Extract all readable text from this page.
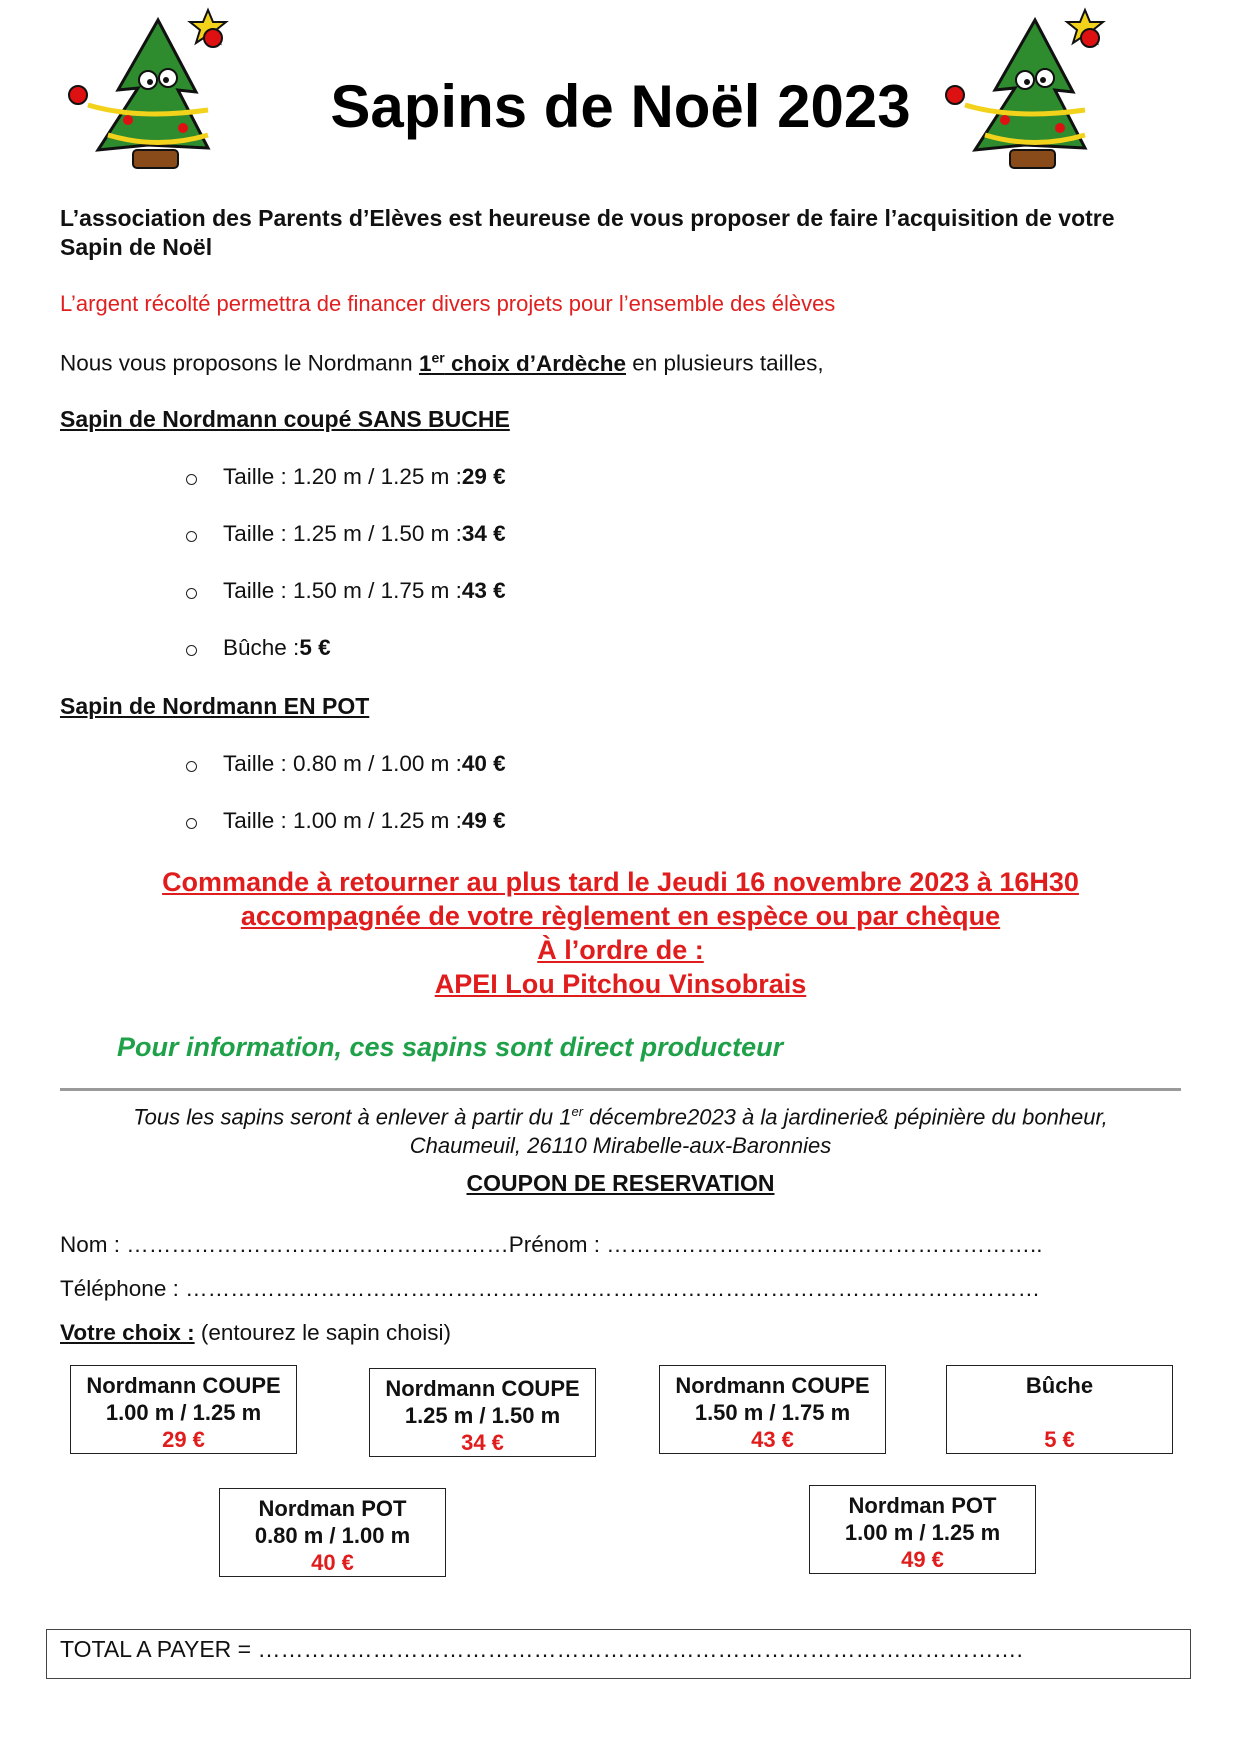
Sapins de Noël 2023
L’association des Parents d’Elèves est heureuse de vous proposer de faire l’acquisition de votre Sapin de Noël
L’argent récolté permettra de financer divers projets pour l’ensemble des élèves
Nous vous proposons le Nordmann 1er choix d’Ardèche en plusieurs tailles,
Sapin de Nordmann coupé SANS BUCHE
Taille : 1.20 m / 1.25 m : 29 €
Taille : 1.25 m / 1.50 m : 34 €
Taille : 1.50 m / 1.75 m : 43 €
Bûche : 5 €
Sapin de Nordmann EN POT
Taille : 0.80 m / 1.00 m : 40 €
Taille : 1.00 m / 1.25 m : 49 €
Commande à retourner au plus tard le Jeudi 16 novembre 2023 à 16H30
accompagnée de votre règlement en espèce ou par chèque
À l’ordre de :
APEI Lou Pitchou Vinsobrais
Pour information, ces sapins sont direct producteur
Tous les sapins seront à enlever à partir du 1er décembre2023 à la jardinerie& pépinière du bonheur,
Chaumeuil, 26110 Mirabelle-aux-Baronnies
COUPON DE RESERVATION
Nom : ……………………………………………Prénom : …………………………...……………………..
Téléphone : ……………………………………………………………………………………………………
Votre choix : (entourez le sapin choisi)
Nordmann COUPE
1.00 m / 1.25 m
29 €
Nordmann COUPE
1.25 m / 1.50 m
34 €
Nordmann COUPE
1.50 m / 1.75 m
43 €
Bûche
5 €
Nordman POT
0.80 m / 1.00 m
40 €
Nordman POT
1.00 m / 1.25 m
49 €
TOTAL A PAYER = ……………………………………………………………………………………….
